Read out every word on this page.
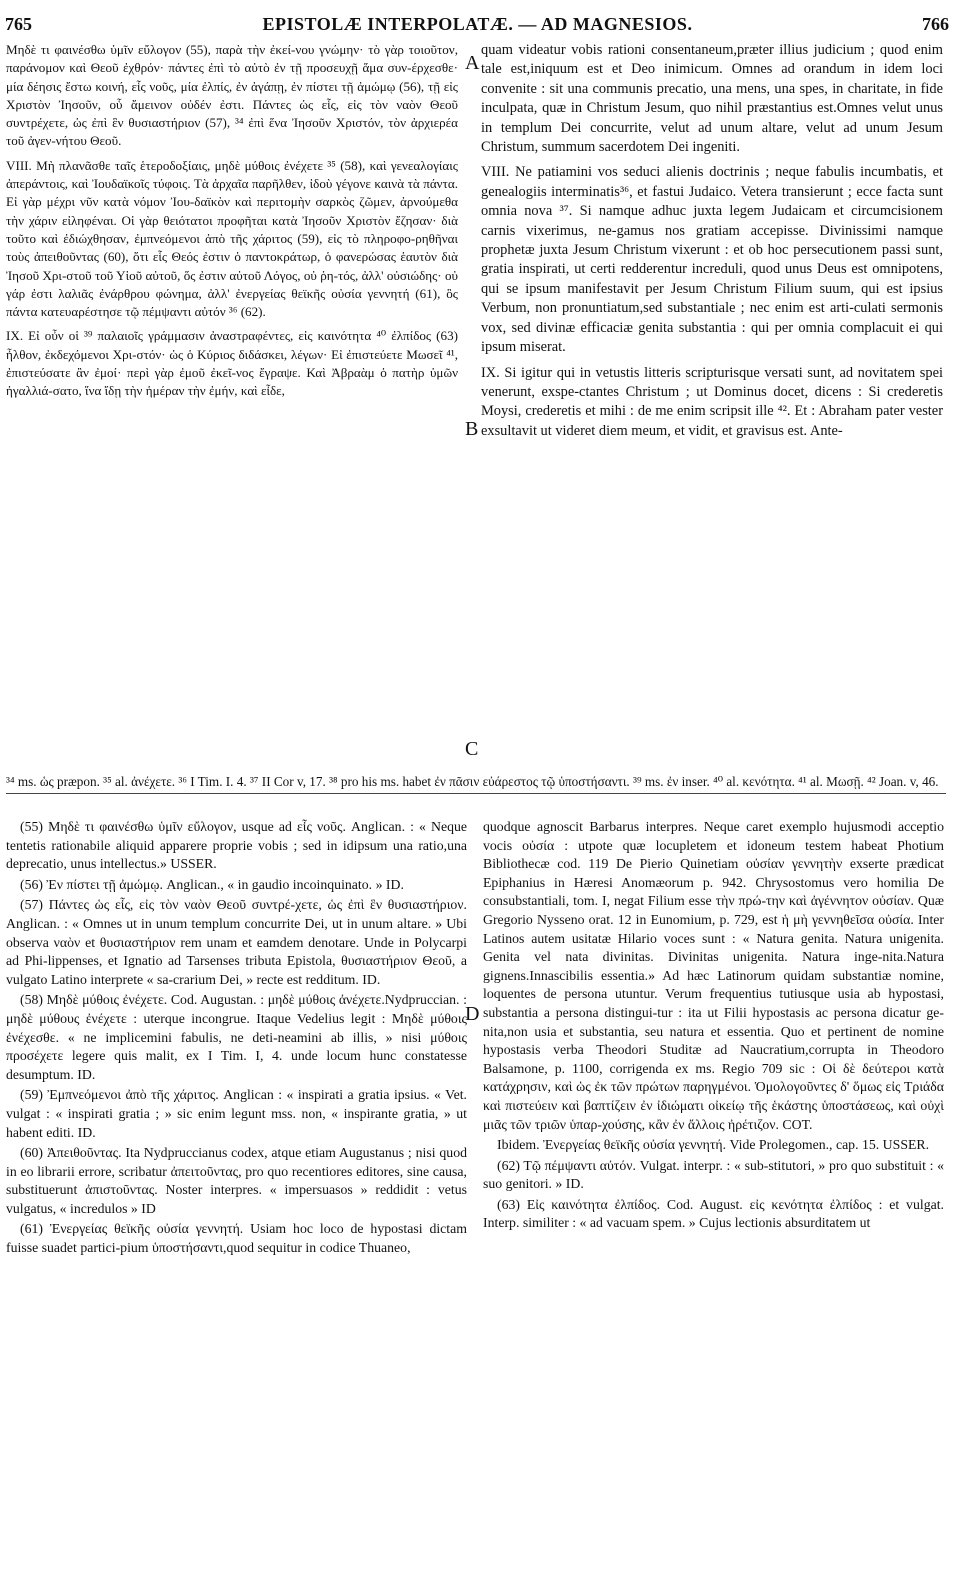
765	EPISTOLÆ INTERPOLATÆ. — AD MAGNESIOS.	766

Μηδὲ τι φαινέσθω ὑμῖν εὔλογον (55), παρὰ τὴν ἐκεί-νου γνώμην· τὸ γὰρ τοιοῦτον, παράνομον καὶ Θεοῦ ἐχθρόν· πάντες ἐπὶ τὸ αὐτὸ ἐν τῇ προσευχῇ ἅμα συν-έρχεσθε· μία δέησις ἔστω κοινή, εἷς νοῦς, μία ἐλπίς, ἐν ἀγάπῃ, ἐν πίστει τῇ ἀμώμῳ (56), τῇ εἰς Χριστὸν Ἰησοῦν, οὗ ἄμεινον οὐδέν ἐστι. Πάντες ὡς εἷς, εἰς τὸν ναὸν Θεοῦ συντρέχετε, ὡς ἐπὶ ἓν θυσιαστήριον (57), ³⁴ ἐπὶ ἕνα Ἰησοῦν Χριστόν, τὸν ἀρχιερέα τοῦ ἀγεν-νήτου Θεοῦ.

VIII. Μὴ πλανᾶσθε ταῖς ἑτεροδοξίαις, μηδὲ μύθοις ἐνέχετε ³⁵ (58), καὶ γενεαλογίαις ἀπεράντοις, καὶ Ἰουδαϊκοῖς τύφοις. Τὰ ἀρχαῖα παρῆλθεν, ἰδοὺ γέγονε καινὰ τὰ πάντα. Εἰ γὰρ μέχρι νῦν κατὰ νόμον Ἰου-δαϊκὸν καὶ περιτομὴν σαρκὸς ζῶμεν, ἀρνούμεθα τὴν χάριν εἰληφέναι. Οἱ γὰρ θειότατοι προφῆται κατὰ Ἰησοῦν Χριστὸν ἔζησαν· διὰ τοῦτο καὶ ἐδιώχθησαν, ἐμπνεόμενοι ἀπὸ τῆς χάριτος (59), εἰς τὸ πληροφο-ρηθῆναι τοὺς ἀπειθοῦντας (60), ὅτι εἷς Θεός ἐστιν ὁ παντοκράτωρ, ὁ φανερώσας ἑαυτὸν διὰ Ἰησοῦ Χρι-στοῦ τοῦ Υἱοῦ αὐτοῦ, ὅς ἐστιν αὐτοῦ Λόγος, οὐ ῥη-τός, ἀλλ' οὐσιώδης· οὐ γάρ ἐστι λαλιᾶς ἐνάρθρου φώνημα, ἀλλ' ἐνεργείας θεϊκῆς οὐσία γεννητή (61), ὃς πάντα κατευαρέστησε τῷ πέμψαντι αὐτόν ³⁶ (62).

IX. Εἰ οὖν οἱ ³⁹ παλαιοῖς γράμμασιν ἀναστραφέντες, εἰς καινότητα ⁴⁰ ἐλπίδος (63) ἦλθον, ἐκδεχόμενοι Χρι-στόν· ὡς ὁ Κύριος διδάσκει, λέγων· Εἰ ἐπιστεύετε Μωσεῖ ⁴¹, ἐπιστεύσατε ἂν ἐμοί· περὶ γὰρ ἐμοῦ ἐκεῖ-νος ἔγραψε. Καὶ Ἀβραὰμ ὁ πατὴρ ὑμῶν ἠγαλλιά-σατο, ἵνα ἴδῃ τὴν ἡμέραν τὴν ἐμήν, καὶ εἶδε,

A
B
C
D

quam videatur vobis rationi consentaneum,præter illius judicium ; quod enim tale est,iniquum est et Deo inimicum. Omnes ad orandum in idem loci convenite : sit una communis precatio, una mens, una spes, in charitate, in fide inculpata, quæ in Christum Jesum, quo nihil præstantius est.Omnes velut unus in templum Dei concurrite, velut ad unum altare, velut ad unum Jesum Christum, summum sacerdotem Dei ingeniti.

VIII. Ne patiamini vos seduci alienis doctrinis ; neque fabulis incumbatis, et genealogiis interminatis³⁶, et fastui Judaico. Vetera transierunt ; ecce facta sunt omnia nova ³⁷. Si namque adhuc juxta legem Judaicam et circumcisionem carnis vixerimus, ne-gamus nos gratiam accepisse. Divinissimi namque prophetæ juxta Jesum Christum vixerunt : et ob hoc persecutionem passi sunt, gratia inspirati, ut certi redderentur increduli, quod unus Deus est omnipotens, qui se ipsum manifestavit per Jesum Christum Filium suum, qui est ipsius Verbum, non pronuntiatum,sed substantiale ; nec enim est arti-culati sermonis vox, sed divinæ efficaciæ genita substantia : qui per omnia complacuit ei qui ipsum miserat.

IX. Si igitur qui in vetustis litteris scripturisque versati sunt, ad novitatem spei venerunt, exspe-ctantes Christum ; ut Dominus docet, dicens : Si crederetis Moysi, crederetis et mihi : de me enim scripsit ille ⁴². Et : Abraham pater vester exsultavit ut videret diem meum, et vidit, et gravisus est. Ante-

³⁴ ms. ὡς præpon. ³⁵ al. ἀνέχετε. ³⁶ I Tim. I. 4. ³⁷ II Cor v, 17. ³⁸ pro his ms. habet ἐν πᾶσιν εὐάρεστος τῷ ὑποστήσαντι. ³⁹ ms. ἐν inser. ⁴⁰ al. κενότητα. ⁴¹ al. Μωσῇ. ⁴² Joan. v, 46.

(55) Μηδὲ τι φαινέσθω ὑμῖν εὔλογον, usque ad εἷς νοῦς. Anglican. : « Neque tentetis rationabile aliquid apparere proprie vobis ; sed in idipsum una ratio,una deprecatio, unus intellectus.» USSER.

(56) Ἐν πίστει τῇ ἀμώμῳ. Anglican., « in gaudio incoinquinato. » ID.

(57) Πάντες ὡς εἷς, εἰς τὸν ναὸν Θεοῦ συντρέ-χετε, ὡς ἐπὶ ἓν θυσιαστήριον. Anglican. : « Omnes ut in unum templum concurrite Dei, ut in unum altare. » Ubi observa ναὸν et θυσιαστήριον rem unam et eamdem denotare. Unde in Polycarpi ad Phi-lippenses, et Ignatio ad Tarsenses tributa Epistola, θυσιαστήριον Θεοῦ, a vulgato Latino interprete « sa-crarium Dei, » recte est redditum. ID.

(58) Μηδὲ μύθοις ἐνέχετε. Cod. Augustan. : μηδὲ μύθοις ἀνέχετε.Nydpruccian. : μηδὲ μύθους ἐνέχετε : uterque incongrue. Itaque Vedelius legit : Μηδὲ μύθοις ἐνέχεσθε. « ne implicemini fabulis, ne deti-neamini ab illis, » nisi μύθοις προσέχετε legere quis malit, ex I Tim. I, 4. unde locum hunc constatesse desumptum. ID.

(59) Ἐμπνεόμενοι ἀπὸ τῆς χάριτος. Anglican : « inspirati a gratia ipsius. « Vet. vulgat : « inspirati gratia ; » sic enim legunt mss. non, « inspirante gratia, » ut habent editi. ID.

(60) Ἀπειθοῦντας. Ita Nydpruccianus codex, atque etiam Augustanus ; nisi quod in eo librarii errore, scribatur ἀπειτοῦντας, pro quo recentiores editores, sine causa, substituerunt ἀπιστοῦντας. Noster interpres. « impersuasos » reddidit : vetus vulgatus, « incredulos » ID

(61) Ἐνεργείας θεϊκῆς οὐσία γεννητή. Usiam hoc loco de hypostasi dictam fuisse suadet partici-pium ὑποστήσαντι,quod sequitur in codice Thuaneo,

quodque agnoscit Barbarus interpres. Neque caret exemplo hujusmodi acceptio vocis οὐσία : utpote quæ locupletem et idoneum testem habeat Photium Bibliothecæ cod. 119 De Pierio Quinetiam οὐσίαν γεννητὴν exserte prædicat Epiphanius in Hæresi Anomæorum p. 942. Chrysostomus vero homilia De consubstantiali, tom. I, negat Filium esse τὴν πρώ-την καὶ ἀγέννητον οὐσίαν. Quæ Gregorio Nysseno orat. 12 in Eunomium, p. 729, est ἡ μὴ γεννηθεῖσα οὐσία. Inter Latinos autem usitatæ Hilario voces sunt : « Natura genita. Natura unigenita. Genita vel nata divinitas. Divinitas unigenita. Natura inge-nita.Natura gignens.Innascibilis essentia.» Ad hæc Latinorum quidam substantiæ nomine, loquentes de persona utuntur. Verum frequentius tutiusque usia ab hypostasi, substantia a persona distingui-tur : ita ut Filii hypostasis ac persona dicatur ge-nita,non usia et substantia, seu natura et essentia. Quo et pertinent de nomine hypostasis verba Theodori Studitæ ad Naucratium,corrupta in Theodoro Balsamone, p. 1100, corrigenda ex ms. Regio 709 sic : Οἱ δὲ δεύτεροι κατὰ κατάχρησιν, καὶ ὡς ἐκ τῶν πρώτων παρηγμένοι. Ὁμολογοῦντες δ' ὅμως εἰς Τριάδα καὶ πιστεύειν καὶ βαπτίζειν ἐν ἰδιώματι οἰκείῳ τῆς ἑκάστης ὑποστάσεως, καὶ οὐχὶ μιᾶς τῶν τριῶν ὑπαρ-χούσης, κἂν ἐν ἄλλοις ἠρέτιζον. COT.

Ibidem. Ἐνεργείας θεϊκῆς οὐσία γεννητή. Vide Prolegomen., cap. 15. USSER.

(62) Τῷ πέμψαντι αὐτόν. Vulgat. interpr. : « sub-stitutori, » pro quo substituit : « suo genitori. » ID.

(63) Εἰς καινότητα ἐλπίδος. Cod. August. εἰς κενότητα ἐλπίδος : et vulgat. Interp. similiter : « ad vacuam spem. » Cujus lectionis absurditatem ut
